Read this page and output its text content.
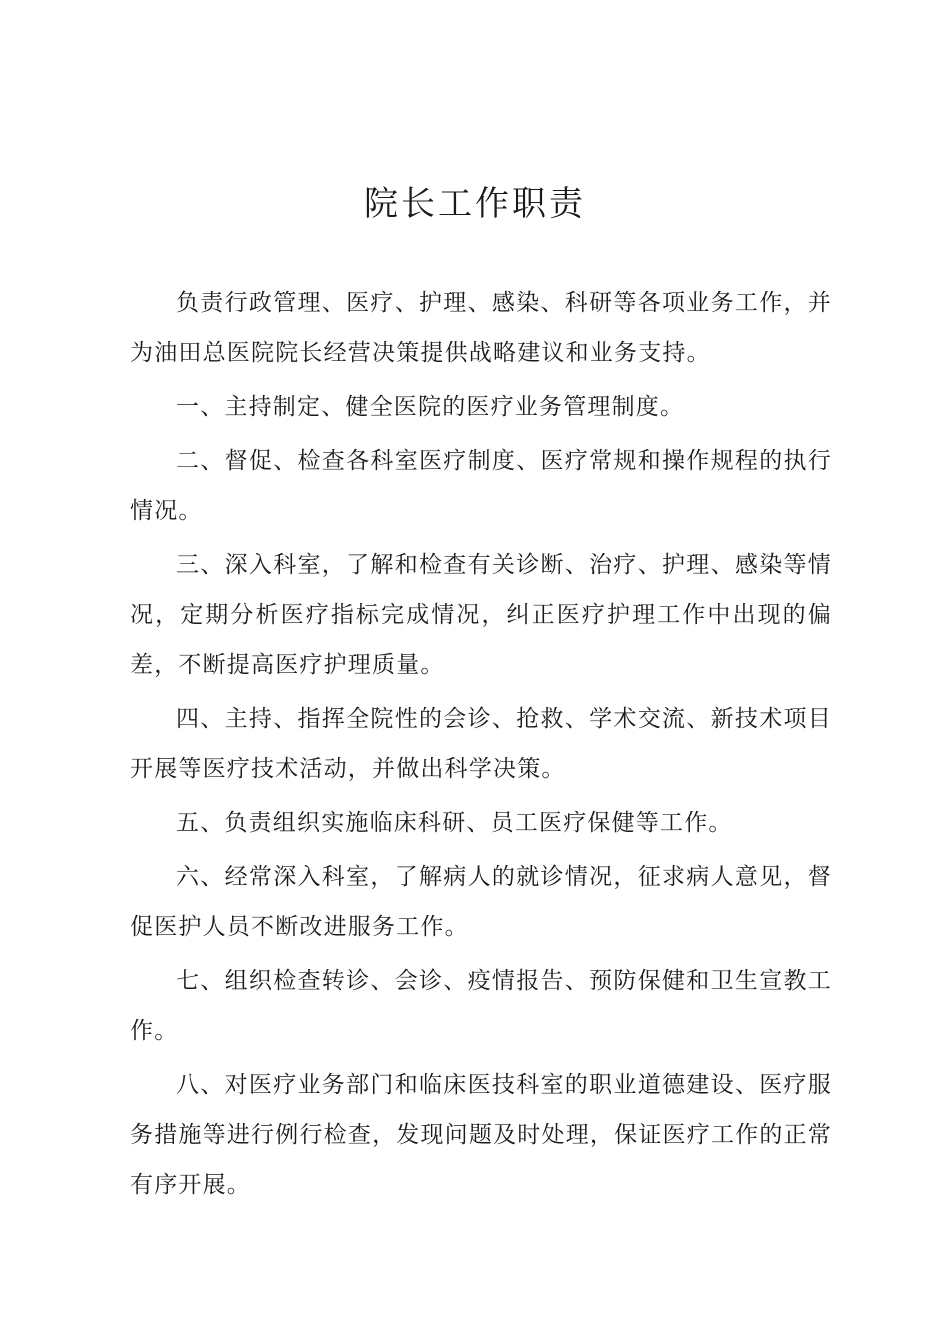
院长工作职责

负责行政管理、医疗、护理、感染、科研等各项业务工作，并为油田总医院院长经营决策提供战略建议和业务支持。

一、主持制定、健全医院的医疗业务管理制度。

二、督促、检查各科室医疗制度、医疗常规和操作规程的执行情况。

三、深入科室，了解和检查有关诊断、治疗、护理、感染等情况，定期分析医疗指标完成情况，纠正医疗护理工作中出现的偏差，不断提高医疗护理质量。

四、主持、指挥全院性的会诊、抢救、学术交流、新技术项目开展等医疗技术活动，并做出科学决策。

五、负责组织实施临床科研、员工医疗保健等工作。

六、经常深入科室，了解病人的就诊情况，征求病人意见，督促医护人员不断改进服务工作。

七、组织检查转诊、会诊、疫情报告、预防保健和卫生宣教工作。

八、对医疗业务部门和临床医技科室的职业道德建设、医疗服务措施等进行例行检查，发现问题及时处理，保证医疗工作的正常有序开展。
